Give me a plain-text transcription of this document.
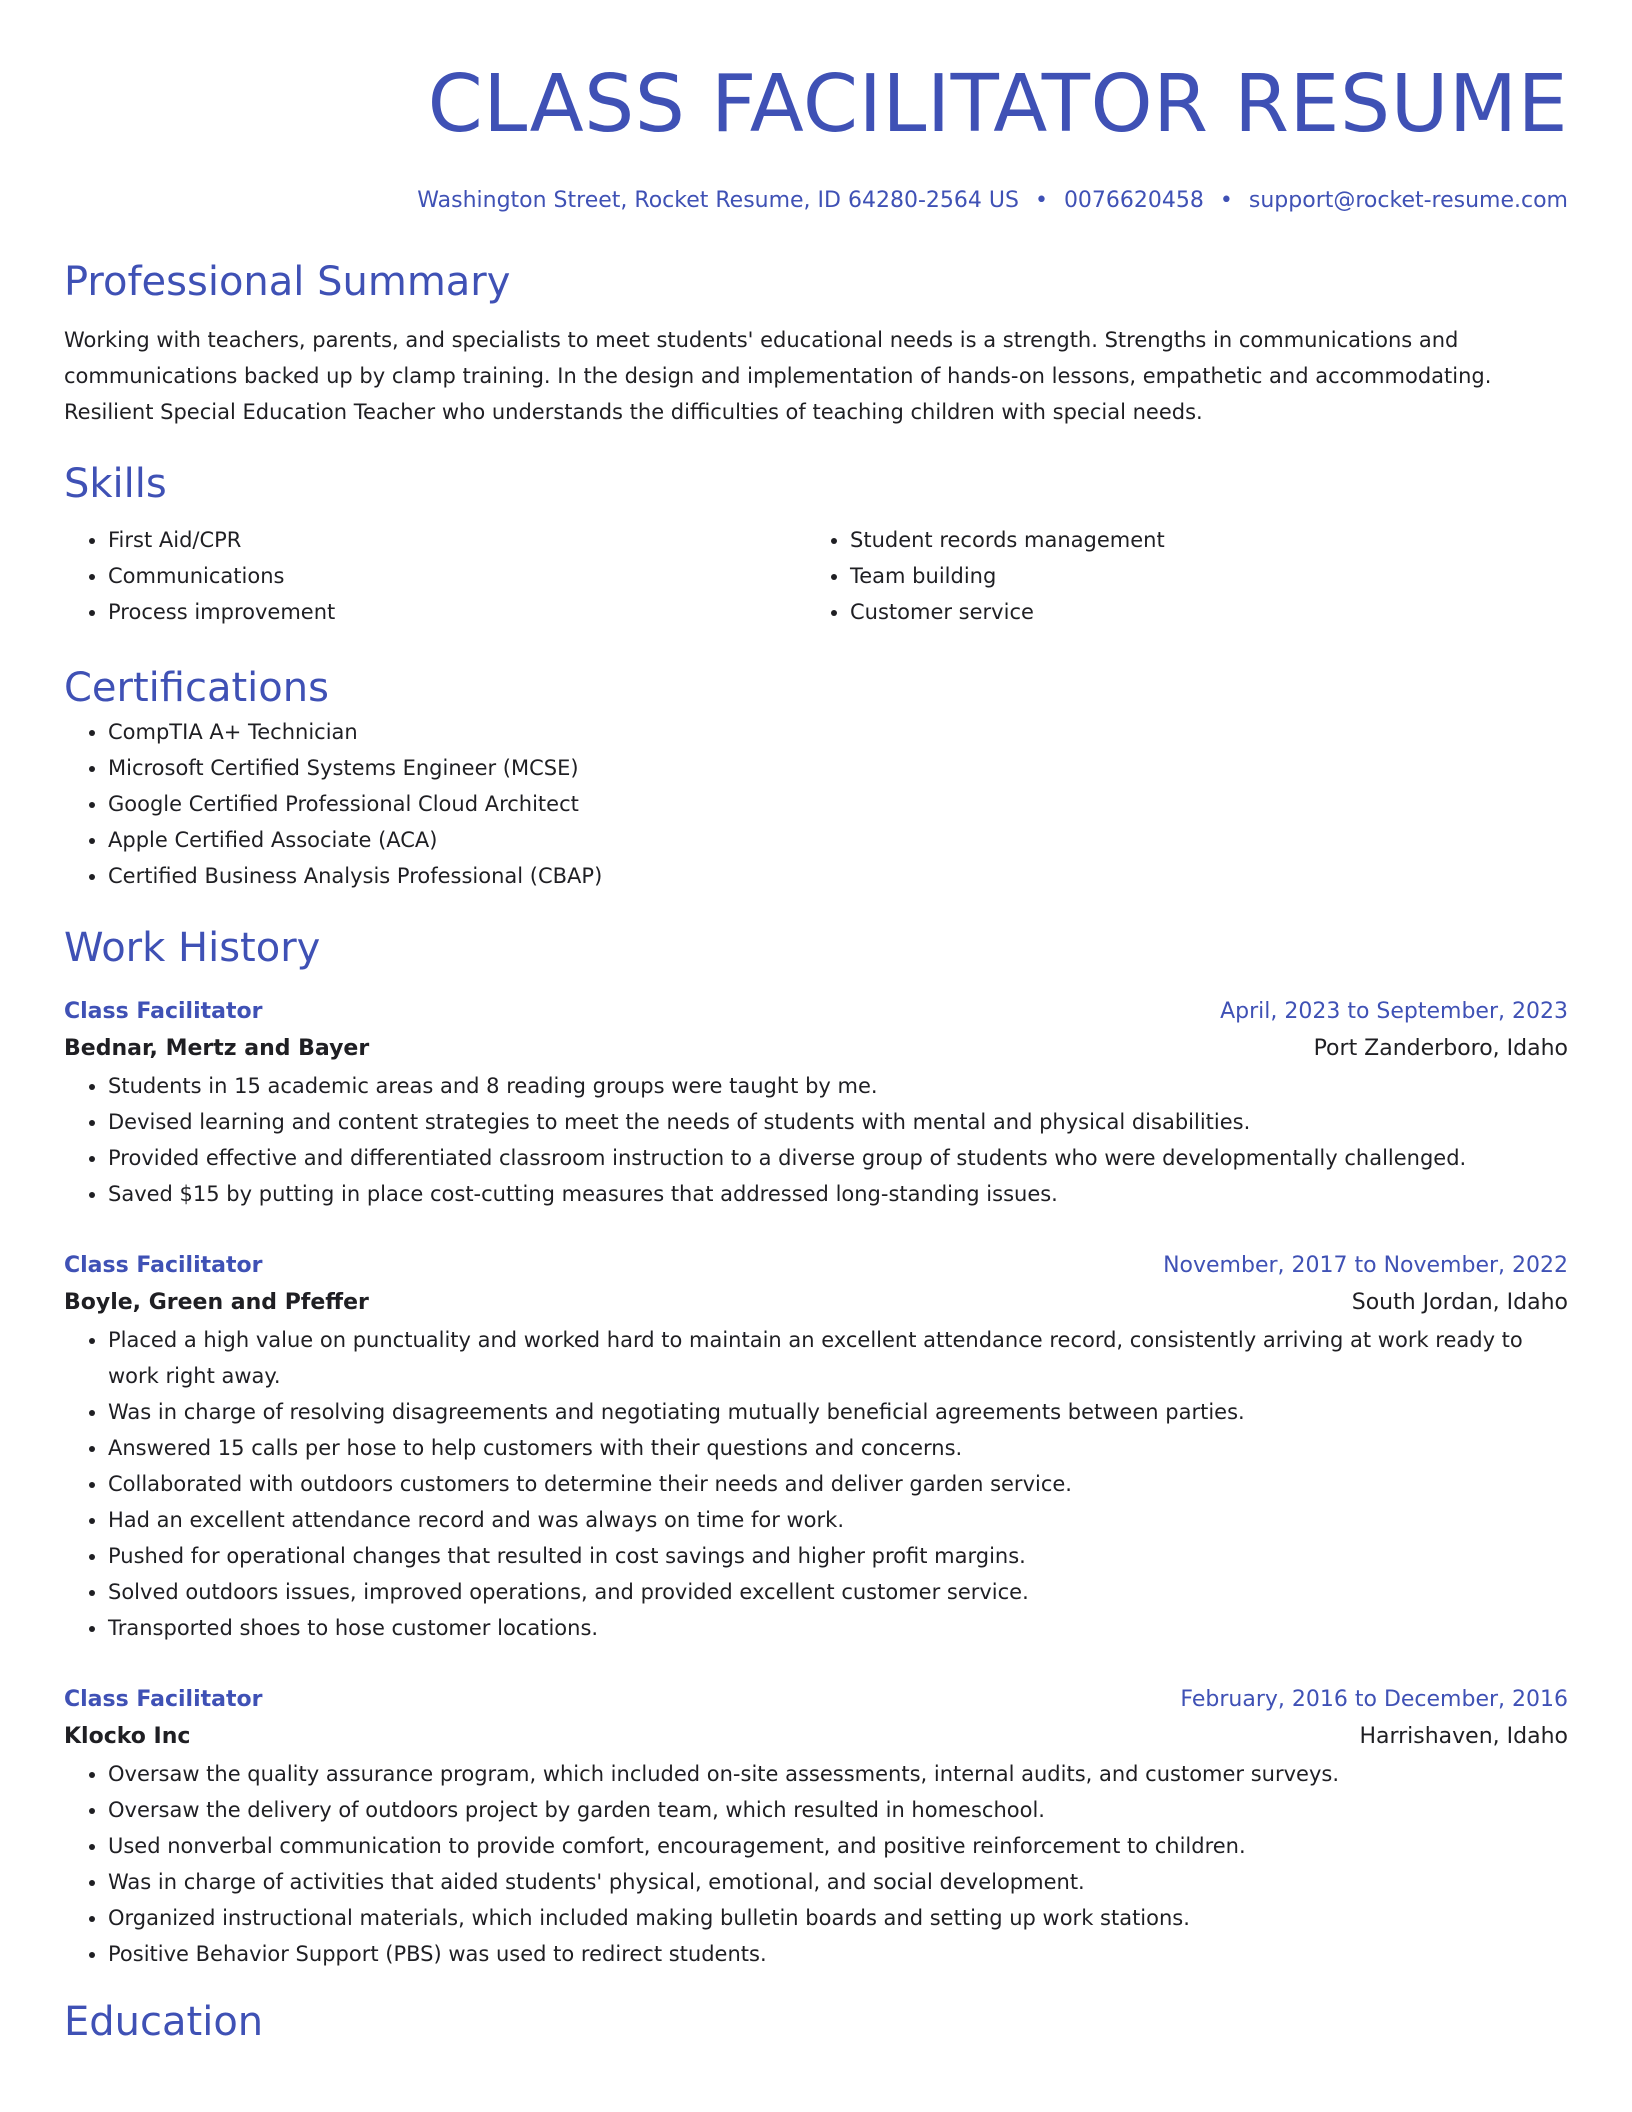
CLASS FACILITATOR RESUME
Washington Street, Rocket Resume, ID 64280-2564 US • 0076620458 • support@rocket-resume.com
Professional Summary

Working with teachers, parents, and specialists to meet students' educational needs is a strength. Strengths in communications and communications backed up by clamp training. In the design and implementation of hands-on lessons, empathetic and accommodating. Resilient Special Education Teacher who understands the difficulties of teaching children with special needs.

Skills
• First Aid/CPR
• Communications
• Process improvement
• Student records management
• Team building
• Customer service
Certifications
• CompTIA A+ Technician
• Microsoft Certified Systems Engineer (MCSE)
• Google Certified Professional Cloud Architect
• Apple Certified Associate (ACA)
• Certified Business Analysis Professional (CBAP)
Work History
Class Facilitator	April, 2023 to September, 2023
Bednar, Mertz and Bayer	Port Zanderboro, Idaho
• Students in 15 academic areas and 8 reading groups were taught by me.
• Devised learning and content strategies to meet the needs of students with mental and physical disabilities.
• Provided effective and differentiated classroom instruction to a diverse group of students who were developmentally challenged.
• Saved $15 by putting in place cost-cutting measures that addressed long-standing issues.
Class Facilitator	November, 2017 to November, 2022
Boyle, Green and Pfeffer	South Jordan, Idaho
• Placed a high value on punctuality and worked hard to maintain an excellent attendance record, consistently arriving at work ready to work right away.
• Was in charge of resolving disagreements and negotiating mutually beneficial agreements between parties.
• Answered 15 calls per hose to help customers with their questions and concerns.
• Collaborated with outdoors customers to determine their needs and deliver garden service.
• Had an excellent attendance record and was always on time for work.
• Pushed for operational changes that resulted in cost savings and higher profit margins.
• Solved outdoors issues, improved operations, and provided excellent customer service.
• Transported shoes to hose customer locations.
Class Facilitator	February, 2016 to December, 2016
Klocko Inc	Harrishaven, Idaho
• Oversaw the quality assurance program, which included on-site assessments, internal audits, and customer surveys.
• Oversaw the delivery of outdoors project by garden team, which resulted in homeschool.
• Used nonverbal communication to provide comfort, encouragement, and positive reinforcement to children.
• Was in charge of activities that aided students' physical, emotional, and social development.
• Organized instructional materials, which included making bulletin boards and setting up work stations.
• Positive Behavior Support (PBS) was used to redirect students.
Education
